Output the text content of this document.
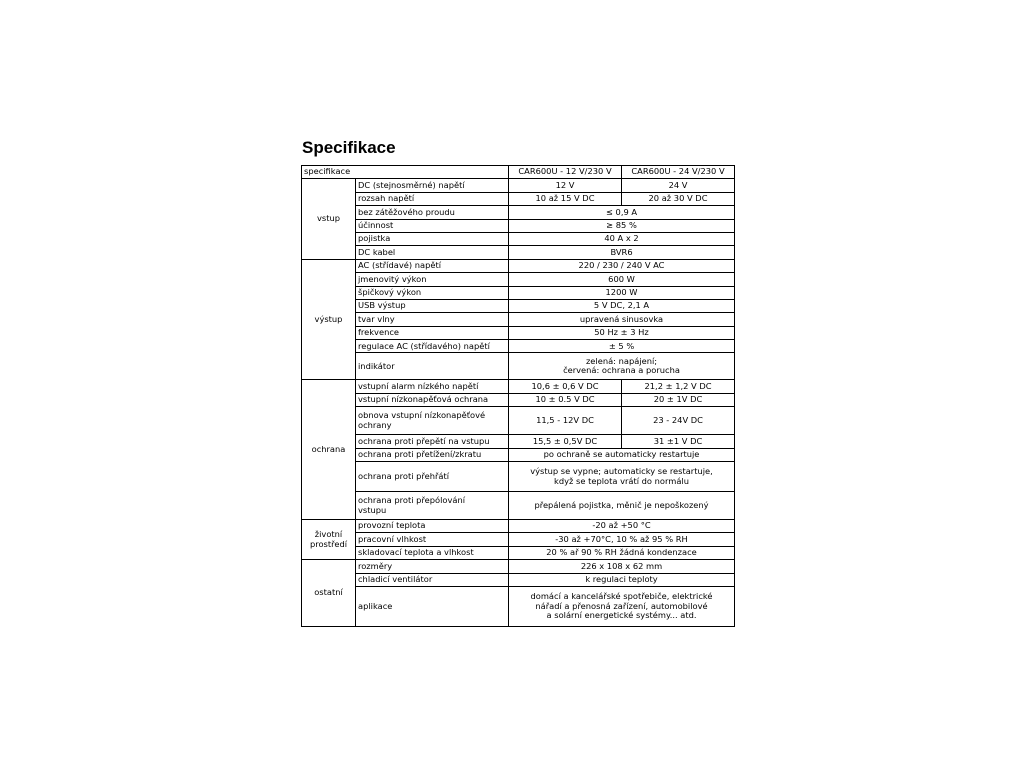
Specifikace
specifikace		CAR600U - 12 V/230 V	CAR600U - 24 V/230 V
vstup	DC (stejnosměrné) napětí	12 V	24 V
	rozsah napětí	10 až 15 V DC	20 až 30 V DC
	bez zátěžového proudu	≤ 0,9 A	
	účinnost	≥ 85 %	
	pojistka	40 A x 2	
	DC kabel	BVR6	

výstup	AC (střídavé) napětí	220 / 230 / 240 V AC	
	jmenovitý výkon	600 W	
	špičkový výkon	1200 W	
	USB výstup	5 V DC, 2,1 A	
	tvar vlny	upravená sinusovka	
	frekvence	50 Hz ± 3 Hz	
	regulace AC (střídavého) napětí	± 5 %	
	indikátor	zelená: napájení;
červená: ochrana a porucha	

ochrana	vstupní alarm nízkého napětí	10,6 ± 0,6 V DC	21,2 ± 1,2 V DC
	vstupní nízkonapěťová ochrana	10 ± 0.5 V DC	20 ± 1V DC

	obnova vstupní nízkonapěťové
ochrany	11,5 - 12V DC	23 - 24V DC
	ochrana proti přepětí na vstupu	15,5 ± 0,5V DC	31 ±1 V DC
	ochrana proti přetížení/zkratu	po ochraně se automaticky restartuje	
	ochrana proti přehřátí	výstup se vypne; automaticky se restartuje,
když se teplota vrátí do normálu	

	ochrana proti přepólování
vstupu	přepálená pojistka, měnič je nepoškozený	

životní
prostředí	provozní teplota	-20 až +50 °C	
	pracovní vlhkost	-30 až +70°C, 10 % až 95 % RH	
	skladovací teplota a vlhkost	20 % ař 90 % RH žádná kondenzace	
ostatní	rozměry	226 x 108 x 62 mm	
	chladicí ventilátor	k regulaci teploty	
	aplikace	domácí a kancelářské spotřebiče, elektrické
nářadí a přenosná zařízení, automobilové
a solární energetické systémy... atd.	
